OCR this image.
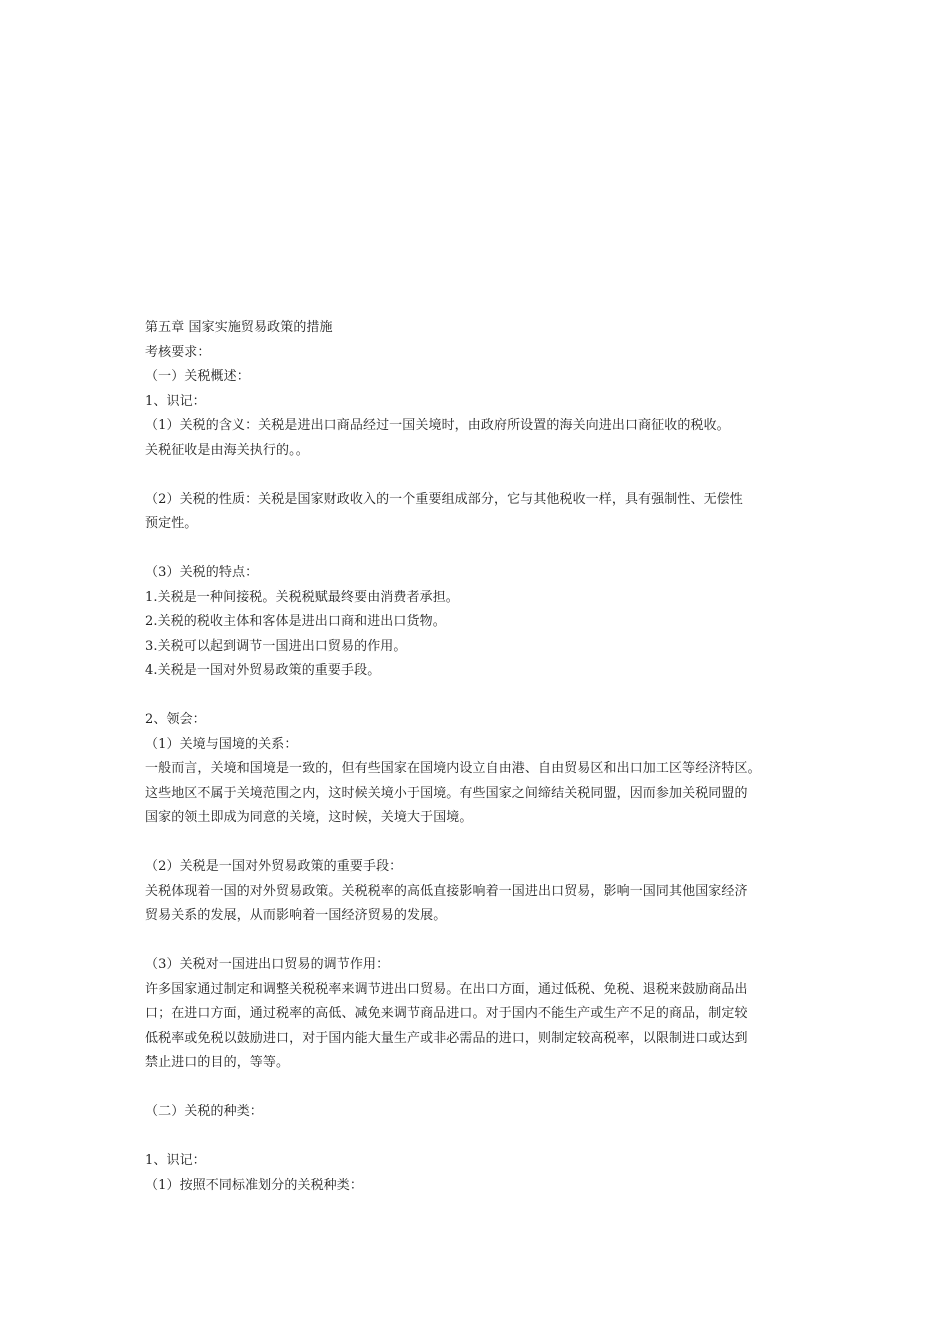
第五章 国家实施贸易政策的措施
考核要求：
（一）关税概述：
1、识记：
（1）关税的含义：关税是进出口商品经过一国关境时，由政府所设置的海关向进出口商征收的税收。
关税征收是由海关执行的。。
（2）关税的性质：关税是国家财政收入的一个重要组成部分，它与其他税收一样，具有强制性、无偿性
预定性。
（3）关税的特点：
1.关税是一种间接税。关税税赋最终要由消费者承担。
2.关税的税收主体和客体是进出口商和进出口货物。
3.关税可以起到调节一国进出口贸易的作用。
4.关税是一国对外贸易政策的重要手段。
2、领会：
（1）关境与国境的关系：
一般而言，关境和国境是一致的，但有些国家在国境内设立自由港、自由贸易区和出口加工区等经济特区。
这些地区不属于关境范围之内，这时候关境小于国境。有些国家之间缔结关税同盟，因而参加关税同盟的
国家的领土即成为同意的关境，这时候，关境大于国境。
（2）关税是一国对外贸易政策的重要手段：
关税体现着一国的对外贸易政策。关税税率的高低直接影响着一国进出口贸易，影响一国同其他国家经济
贸易关系的发展，从而影响着一国经济贸易的发展。
（3）关税对一国进出口贸易的调节作用：
许多国家通过制定和调整关税税率来调节进出口贸易。在出口方面，通过低税、免税、退税来鼓励商品出
口；在进口方面，通过税率的高低、减免来调节商品进口。对于国内不能生产或生产不足的商品，制定较
低税率或免税以鼓励进口，对于国内能大量生产或非必需品的进口，则制定较高税率，以限制进口或达到
禁止进口的目的，等等。
（二）关税的种类：
1、识记：
（1）按照不同标准划分的关税种类：
